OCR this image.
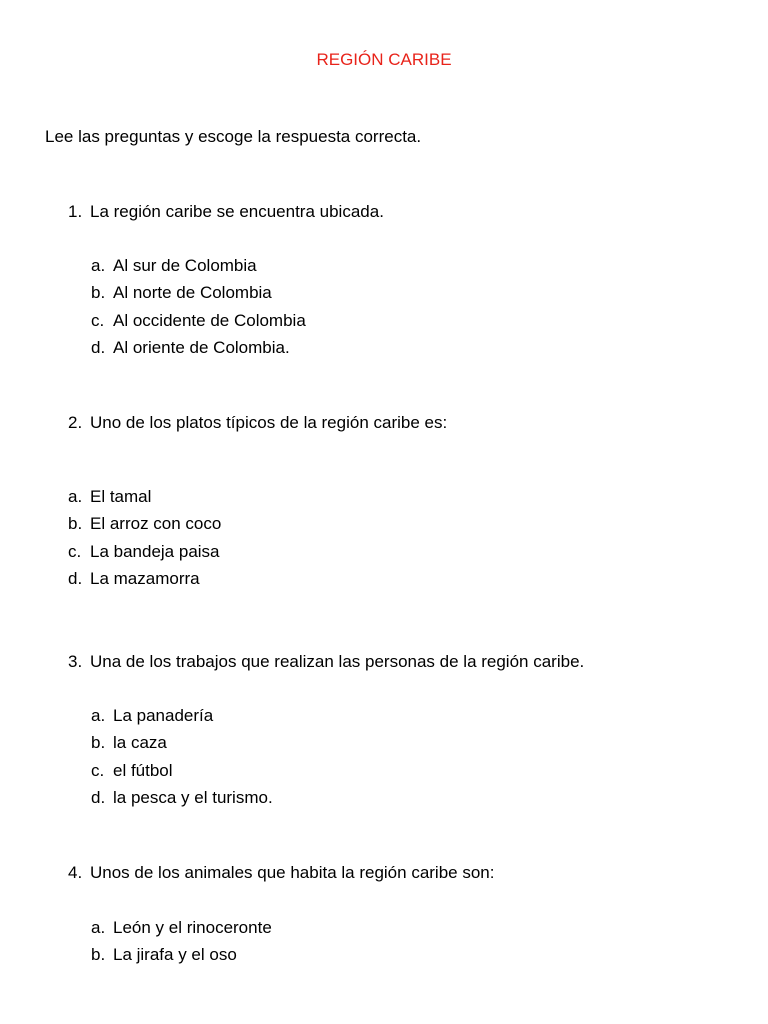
REGIÓN CARIBE
Lee las preguntas y escoge la respuesta correcta.
1. La región caribe se encuentra ubicada.
a. Al sur de Colombia
b. Al norte de Colombia
c. Al occidente de Colombia
d. Al oriente de Colombia.
2. Uno de los platos típicos de la región caribe es:
a. El tamal
b. El arroz con coco
c. La bandeja paisa
d. La mazamorra
3. Una de los trabajos que realizan las personas de la región caribe.
a. La panadería
b. la caza
c. el fútbol
d. la pesca y el turismo.
4. Unos de los animales que habita la región caribe son:
a. León y el rinoceronte
b. La jirafa y el oso
